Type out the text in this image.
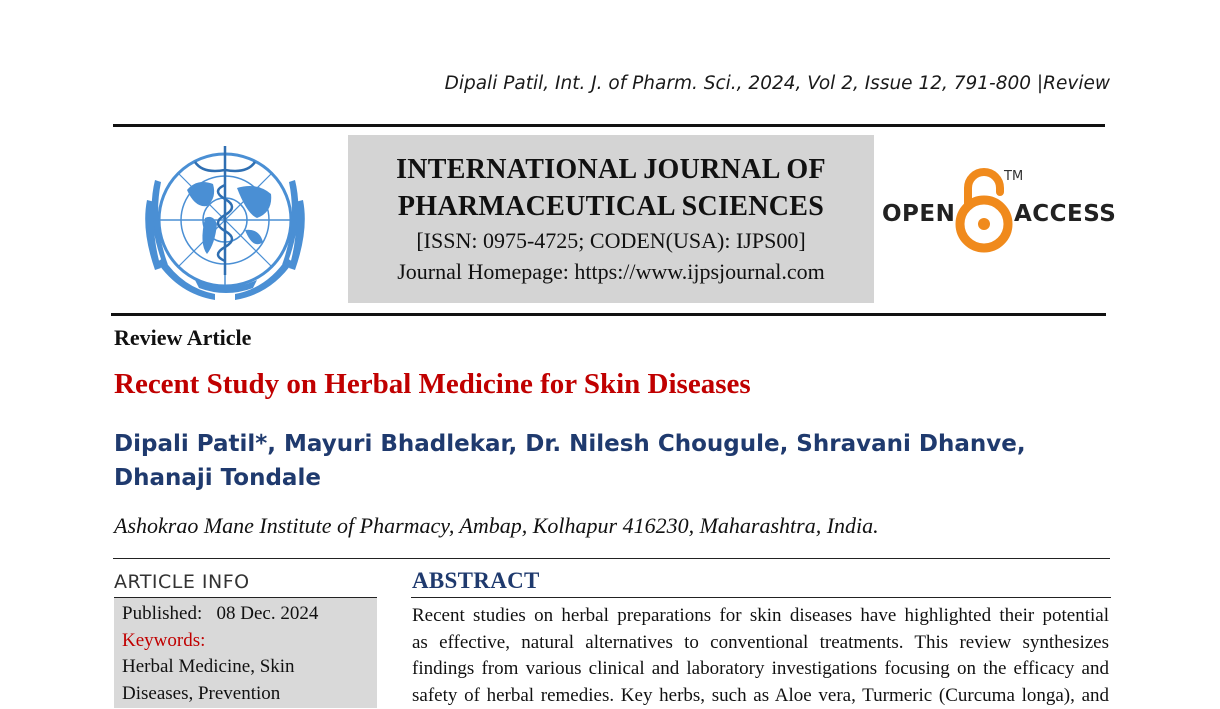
Dipali Patil, Int. J. of Pharm. Sci., 2024, Vol 2, Issue 12, 791-800 |Review
INTERNATIONAL JOURNAL OF
PHARMACEUTICAL SCIENCES
[ISSN: 0975-4725; CODEN(USA): IJPS00]
Journal Homepage: https://www.ijpsjournal.com
OPEN
TM
ACCESS
Review Article
Recent Study on Herbal Medicine for Skin Diseases
Dipali Patil*, Mayuri Bhadlekar, Dr. Nilesh Chougule, Shravani Dhanve, Dhanaji Tondale
Ashokrao Mane Institute of Pharmacy, Ambap, Kolhapur 416230, Maharashtra, India.
ARTICLE INFO
Published: 08 Dec. 2024
Keywords:
Herbal Medicine, Skin
Diseases, Prevention
ABSTRACT
Recent studies on herbal preparations for skin diseases have highlighted their potential
as effective, natural alternatives to conventional treatments. This review synthesizes
findings from various clinical and laboratory investigations focusing on the efficacy and
safety of herbal remedies. Key herbs, such as Aloe vera, Turmeric (Curcuma longa), and
